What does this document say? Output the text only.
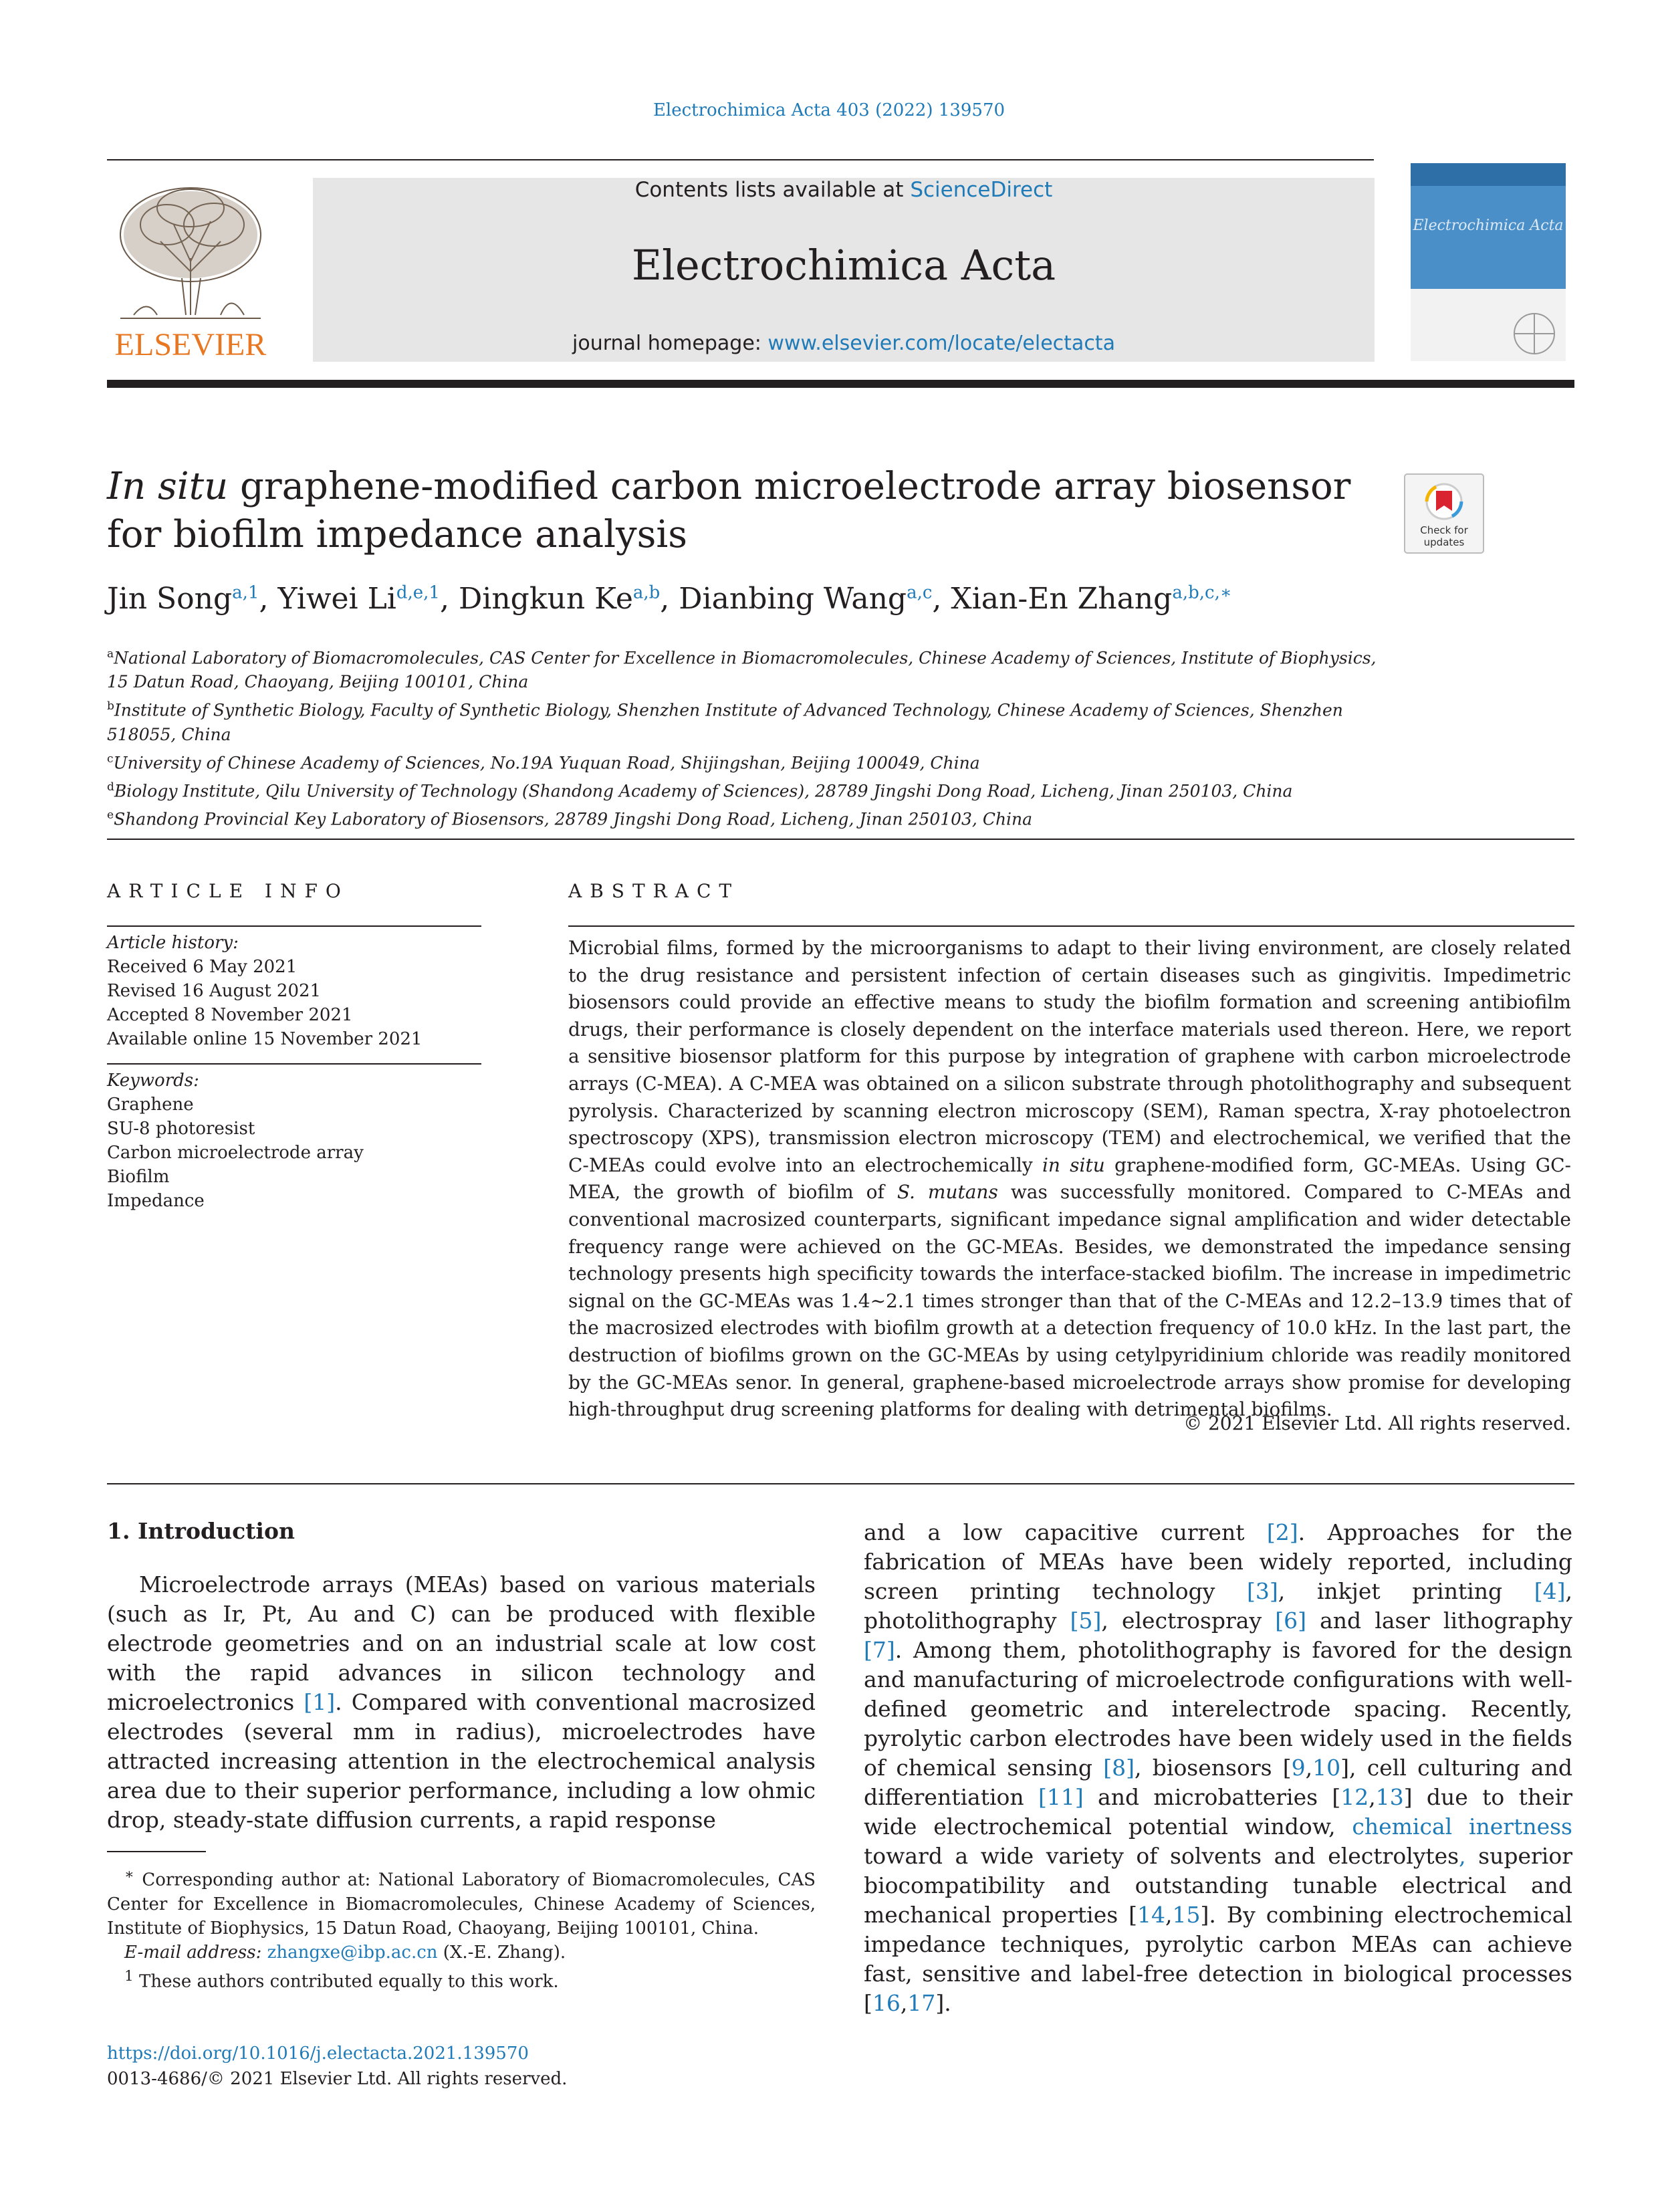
Electrochimica Acta 403 (2022) 139570
ELSEVIER
Contents lists available at ScienceDirect
Electrochimica Acta
journal homepage: www.elsevier.com/locate/electacta
Electrochimica Acta
In situ graphene-modified carbon microelectrode array biosensor for biofilm impedance analysis	Check for
updates
Jin Song$^{a,1}$, Yiwei Li$^{d,e,1}$, Dingkun Ke$^{a,b}$, Dianbing Wang$^{a,c}$, Xian-En Zhang$^{a,b,c,∗}$

$^a$National Laboratory of Biomacromolecules, CAS Center for Excellence in Biomacromolecules, Chinese Academy of Sciences, Institute of Biophysics, 15 Datun Road, Chaoyang, Beijing 100101, China

$^b$Institute of Synthetic Biology, Faculty of Synthetic Biology, Shenzhen Institute of Advanced Technology, Chinese Academy of Sciences, Shenzhen 518055, China

$^c$University of Chinese Academy of Sciences, No.19A Yuquan Road, Shijingshan, Beijing 100049, China

$^d$Biology Institute, Qilu University of Technology (Shandong Academy of Sciences), 28789 Jingshi Dong Road, Licheng, Jinan 250103, China

$^e$Shandong Provincial Key Laboratory of Biosensors, 28789 Jingshi Dong Road, Licheng, Jinan 250103, China

ARTICLE INFO

Article history:

Received 6 May 2021

Revised 16 August 2021

Accepted 8 November 2021

Available online 15 November 2021

Keywords:

Graphene

SU-8 photoresist

Carbon microelectrode array

Biofilm

Impedance

ABSTRACT
Microbial films, formed by the microorganisms to adapt to their living environment, are closely related to the drug resistance and persistent infection of certain diseases such as gingivitis. Impedimetric biosensors could provide an effective means to study the biofilm formation and screening antibiofilm drugs, their performance is closely dependent on the interface materials used thereon. Here, we report a sensitive biosensor platform for this purpose by integration of graphene with carbon microelectrode arrays (C-MEA). A C-MEA was obtained on a silicon substrate through photolithography and subsequent pyrolysis. Characterized by scanning electron microscopy (SEM), Raman spectra, X-ray photoelectron spectroscopy (XPS), transmission electron microscopy (TEM) and electrochemical, we verified that the C-MEAs could evolve into an electrochemically in situ graphene-modified form, GC-MEAs. Using GC-MEA, the growth of biofilm of S. mutans was successfully monitored. Compared to C-MEAs and conventional macrosized counterparts, significant impedance signal amplification and wider detectable frequency range were achieved on the GC-MEAs. Besides, we demonstrated the impedance sensing technology presents high specificity towards the interface-stacked biofilm. The increase in impedimetric signal on the GC-MEAs was 1.4~2.1 times stronger than that of the C-MEAs and 12.2–13.9 times that of the macrosized electrodes with biofilm growth at a detection frequency of 10.0 kHz. In the last part, the destruction of biofilms grown on the GC-MEAs by using cetylpyridinium chloride was readily monitored by the GC-MEAs senor. In general, graphene-based microelectrode arrays show promise for developing high-throughput drug screening platforms for dealing with detrimental biofilms.
© 2021 Elsevier Ltd. All rights reserved.
1. Introduction

Microelectrode arrays (MEAs) based on various materials (such as Ir, Pt, Au and C) can be produced with flexible electrode geometries and on an industrial scale at low cost with the rapid advances in silicon technology and microelectronics [1]. Compared with conventional macrosized electrodes (several mm in radius), microelectrodes have attracted increasing attention in the electrochemical analysis area due to their superior performance, including a low ohmic drop, steady-state diffusion currents, a rapid response

and a low capacitive current [2]. Approaches for the fabrication of MEAs have been widely reported, including screen printing technology [3], inkjet printing [4], photolithography [5], electrospray [6] and laser lithography [7]. Among them, photolithography is favored for the design and manufacturing of microelectrode configurations with well-defined geometric and interelectrode spacing. Recently, pyrolytic carbon electrodes have been widely used in the fields of chemical sensing [8], biosensors [9,10], cell culturing and differentiation [11] and microbatteries [12,13] due to their wide electrochemical potential window, chemical inertness toward a wide variety of solvents and electrolytes, superior biocompatibility and outstanding tunable electrical and mechanical properties [14,15]. By combining electrochemical impedance techniques, pyrolytic carbon MEAs can achieve fast, sensitive and label-free detection in biological processes [16,17].

∗ Corresponding author at: National Laboratory of Biomacromolecules, CAS Center for Excellence in Biomacromolecules, Chinese Academy of Sciences, Institute of Biophysics, 15 Datun Road, Chaoyang, Beijing 100101, China.

E-mail address: zhangxe@ibp.ac.cn (X.-E. Zhang).

$^1$ These authors contributed equally to this work.

https://doi.org/10.1016/j.electacta.2021.139570
0013-4686/© 2021 Elsevier Ltd. All rights reserved.
